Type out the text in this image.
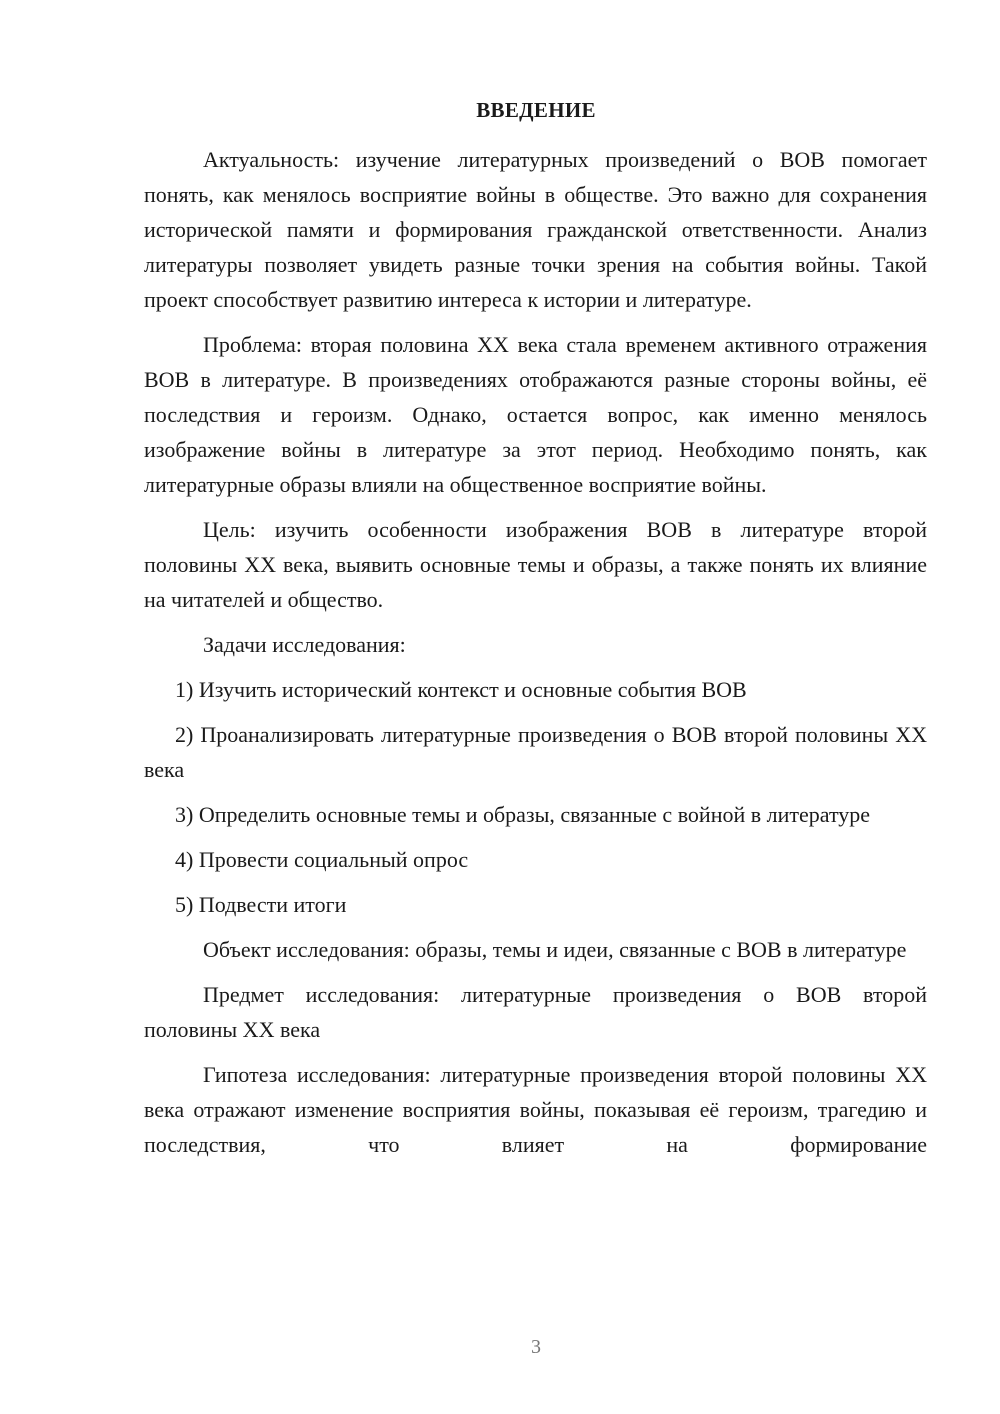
ВВЕДЕНИЕ
Актуальность: изучение литературных произведений о ВОВ помогает понять, как менялось восприятие войны в обществе. Это важно для сохранения исторической памяти и формирования гражданской ответственности. Анализ литературы позволяет увидеть разные точки зрения на события войны. Такой проект способствует развитию интереса к истории и литературе.
Проблема: вторая половина XX века стала временем активного отражения ВОВ в литературе. В произведениях отображаются разные стороны войны, её последствия и героизм. Однако, остается вопрос, как именно менялось изображение войны в литературе за этот период. Необходимо понять, как литературные образы влияли на общественное восприятие войны.
Цель: изучить особенности изображения ВОВ в литературе второй половины XX века, выявить основные темы и образы, а также понять их влияние на читателей и общество.
Задачи исследования:
1) Изучить исторический контекст и основные события ВОВ
2) Проанализировать литературные произведения о ВОВ второй половины XX века
3) Определить основные темы и образы, связанные с войной в литературе
4) Провести социальный опрос
5) Подвести итоги
Объект исследования: образы, темы и идеи, связанные с ВОВ в литературе
Предмет исследования: литературные произведения о ВОВ второй половины XX века
Гипотеза исследования: литературные произведения второй половины XX века отражают изменение восприятия войны, показывая её героизм, трагедию и последствия, что влияет на формирование
3
